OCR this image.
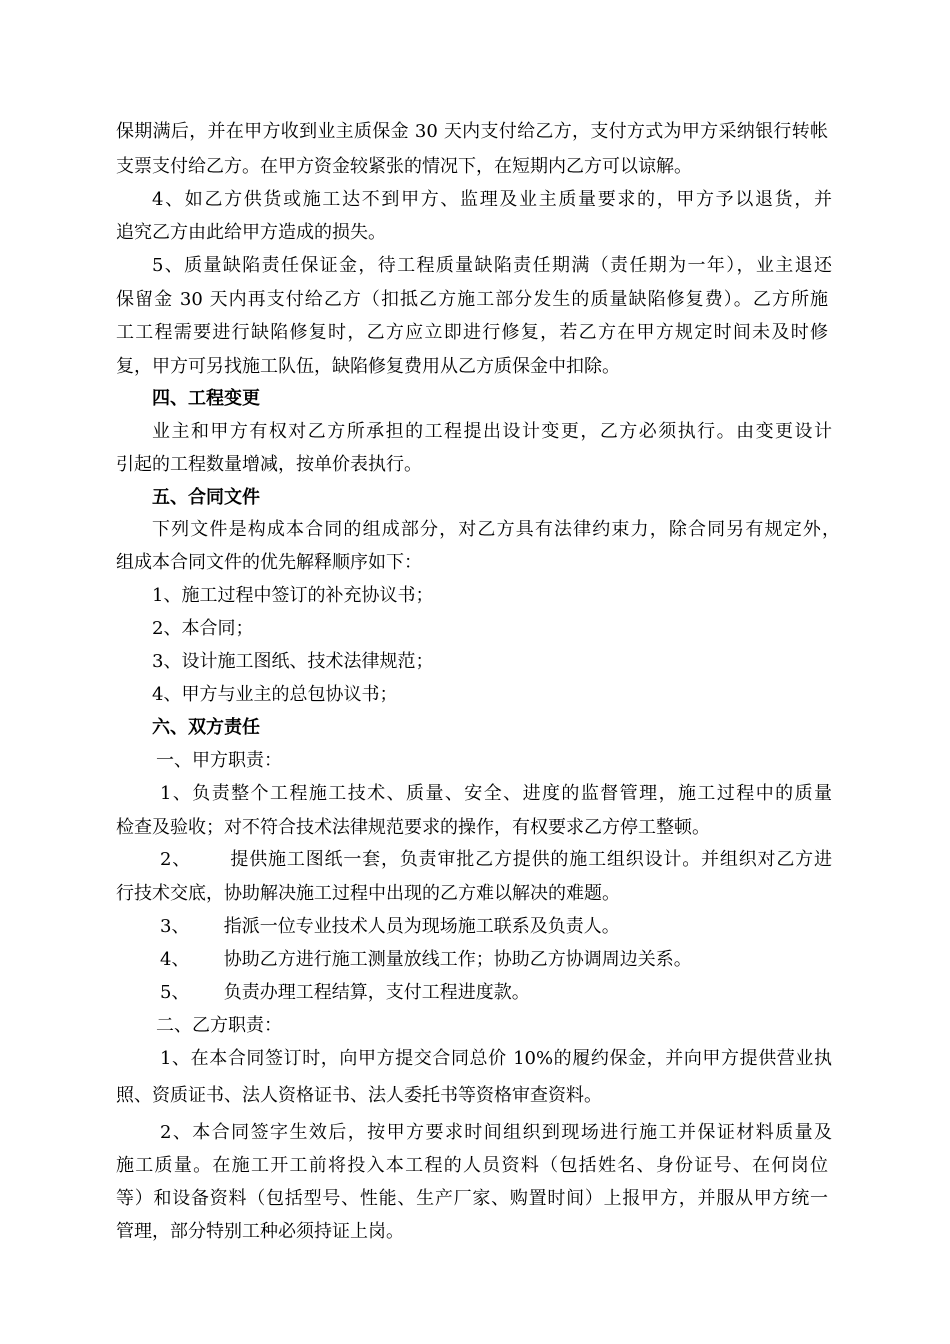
保期满后，并在甲方收到业主质保金 30 天内支付给乙方，支付方式为甲方采纳银行转帐
支票支付给乙方。在甲方资金较紧张的情况下，在短期内乙方可以谅解。
4、如乙方供货或施工达不到甲方、监理及业主质量要求的，甲方予以退货，并
追究乙方由此给甲方造成的损失。
5、质量缺陷责任保证金，待工程质量缺陷责任期满（责任期为一年），业主退还
保留金 30 天内再支付给乙方（扣抵乙方施工部分发生的质量缺陷修复费）。乙方所施
工工程需要进行缺陷修复时，乙方应立即进行修复，若乙方在甲方规定时间未及时修
复，甲方可另找施工队伍，缺陷修复费用从乙方质保金中扣除。
四、工程变更
业主和甲方有权对乙方所承担的工程提出设计变更，乙方必须执行。由变更设计
引起的工程数量增减，按单价表执行。
五、合同文件
下列文件是构成本合同的组成部分，对乙方具有法律约束力，除合同另有规定外，
组成本合同文件的优先解释顺序如下：
1、施工过程中签订的补充协议书；
2、本合同；
3、设计施工图纸、技术法律规范；
4、甲方与业主的总包协议书；
六、双方责任
一、甲方职责：
1、负责整个工程施工技术、质量、安全、进度的监督管理，施工过程中的质量
检查及验收；对不符合技术法律规范要求的操作，有权要求乙方停工整顿。
2、      提供施工图纸一套，负责审批乙方提供的施工组织设计。并组织对乙方进
行技术交底，协助解决施工过程中出现的乙方难以解决的难题。
3、      指派一位专业技术人员为现场施工联系及负责人。
4、      协助乙方进行施工测量放线工作；协助乙方协调周边关系。
5、      负责办理工程结算，支付工程进度款。
二、乙方职责：
1、在本合同签订时，向甲方提交合同总价 10%的履约保金，并向甲方提供营业执
照、资质证书、法人资格证书、法人委托书等资格审查资料。
2、本合同签字生效后，按甲方要求时间组织到现场进行施工并保证材料质量及
施工质量。在施工开工前将投入本工程的人员资料（包括姓名、身份证号、在何岗位
等）和设备资料（包括型号、性能、生产厂家、购置时间）上报甲方，并服从甲方统一
管理，部分特别工种必须持证上岗。
